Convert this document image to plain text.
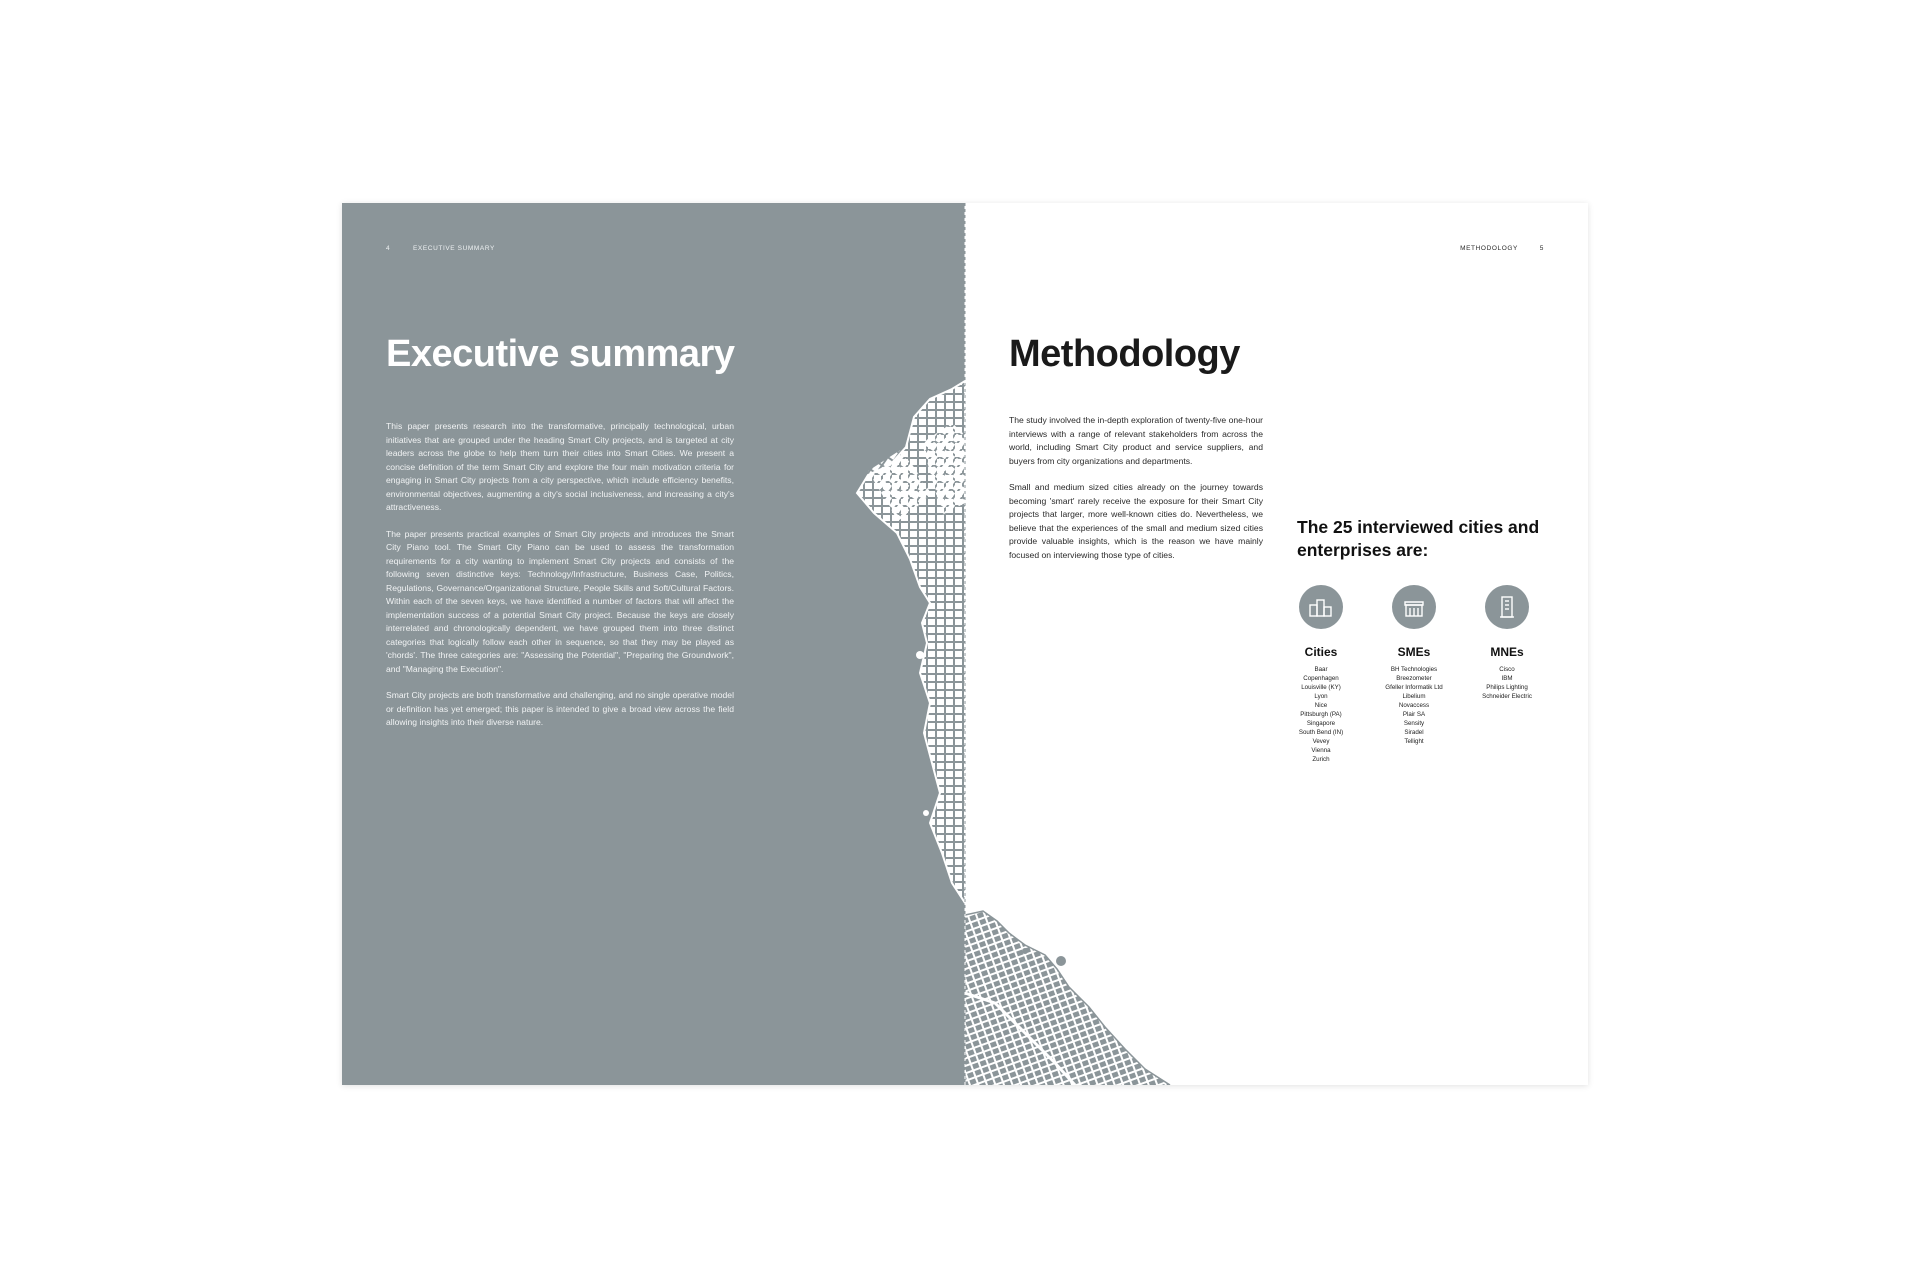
4	EXECUTIVE SUMMARY
Executive summary

This paper presents research into the transformative, principally technological, urban initiatives that are grouped under the heading Smart City projects, and is targeted at city leaders across the globe to help them turn their cities into Smart Cities. We present a concise definition of the term Smart City and explore the four main motivation criteria for engaging in Smart City projects from a city perspective, which include efficiency benefits, environmental objectives, augmenting a city's social inclusiveness, and increasing a city's attractiveness.

The paper presents practical examples of Smart City projects and introduces the Smart City Piano tool. The Smart City Piano can be used to assess the transformation requirements for a city wanting to implement Smart City projects and consists of the following seven distinctive keys: Technology/Infrastructure, Business Case, Politics, Regulations, Governance/Organizational Structure, People Skills and Soft/Cultural Factors. Within each of the seven keys, we have identified a number of factors that will affect the implementation success of a potential Smart City project. Because the keys are closely interrelated and chronologically dependent, we have grouped them into three distinct categories that logically follow each other in sequence, so that they may be played as 'chords'. The three categories are: "Assessing the Potential", "Preparing the Groundwork", and "Managing the Execution".

Smart City projects are both transformative and challenging, and no single operative model or definition has yet emerged; this paper is intended to give a broad view across the field allowing insights into their diverse nature.

METHODOLOGY	5
Methodology

The study involved the in-depth exploration of twenty-five one-hour interviews with a range of relevant stakeholders from across the world, including Smart City product and service suppliers, and buyers from city organizations and departments.

Small and medium sized cities already on the journey towards becoming 'smart' rarely receive the exposure for their Smart City projects that larger, more well-known cities do. Nevertheless, we believe that the experiences of the small and medium sized cities provide valuable insights, which is the reason we have mainly focused on interviewing those type of cities.

The 25 interviewed cities and enterprises are:
Cities
Baar
Copenhagen
Louisville (KY)
Lyon
Nice
Pittsburgh (PA)
Singapore
South Bend (IN)
Vevey
Vienna
Zurich
SMEs
BH Technologies
Breezometer
Gfeller Informatik Ltd
Libelium
Novaccess
Plair SA
Sensity
Siradel
Tellight
MNEs
Cisco
IBM
Philips Lighting
Schneider Electric
